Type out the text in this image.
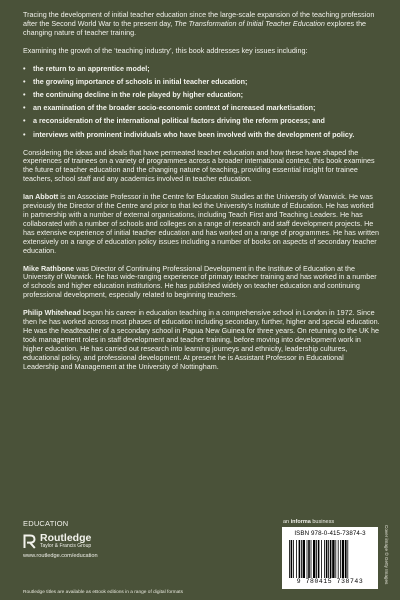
Tracing the development of initial teacher education since the large-scale expansion of the teaching profession after the Second World War to the present day, The Transformation of Initial Teacher Education explores the changing nature of teacher training.

Examining the growth of the ‘teaching industry’, this book addresses key issues including:

• the return to an apprentice model;
• the growing importance of schools in initial teacher education;
• the continuing decline in the role played by higher education;
• an examination of the broader socio-economic context of increased marketisation;
• a reconsideration of the international political factors driving the reform process; and
• interviews with prominent individuals who have been involved with the development of policy.

Considering the ideas and ideals that have permeated teacher education and how these have shaped the experiences of trainees on a variety of programmes across a broader international context, this book examines the future of teacher education and the changing nature of teaching, providing essential insight for trainee teachers, school staff and any academics involved in teacher education.

Ian Abbott is an Associate Professor in the Centre for Education Studies at the University of Warwick. He was previously the Director of the Centre and prior to that led the University’s Institute of Education. He has worked in partnership with a number of external organisations, including Teach First and Teaching Leaders. He has collaborated with a number of schools and colleges on a range of research and staff development projects. He has extensive experience of initial teacher education and has worked on a range of programmes. He has written extensively on a range of education policy issues including a number of books on aspects of secondary teacher education.

Mike Rathbone was Director of Continuing Professional Development in the Institute of Education at the University of Warwick. He has wide-ranging experience of primary teacher training and has worked in a number of schools and higher education institutions. He has published widely on teacher education and continuing professional development, especially related to beginning teachers.

Philip Whitehead began his career in education teaching in a comprehensive school in London in 1972. Since then he has worked across most phases of education including secondary, further, higher and special education. He was the headteacher of a secondary school in Papua New Guinea for three years. On returning to the UK he took management roles in staff development and teacher training, before moving into development work in higher education. He has carried out research into learning journeys and ethnicity, leadership cultures, educational policy, and professional development. At present he is Assistant Professor in Educational Leadership and Management at the University of Nottingham.

EDUCATION
Routledge
Taylor & Francis Group
www.routledge.com/education
an informa business
ISBN 978-0-415-73874-3
9 780415 738743	Cover image © Getty Images
Routledge titles are available as eBook editions in a range of digital formats
